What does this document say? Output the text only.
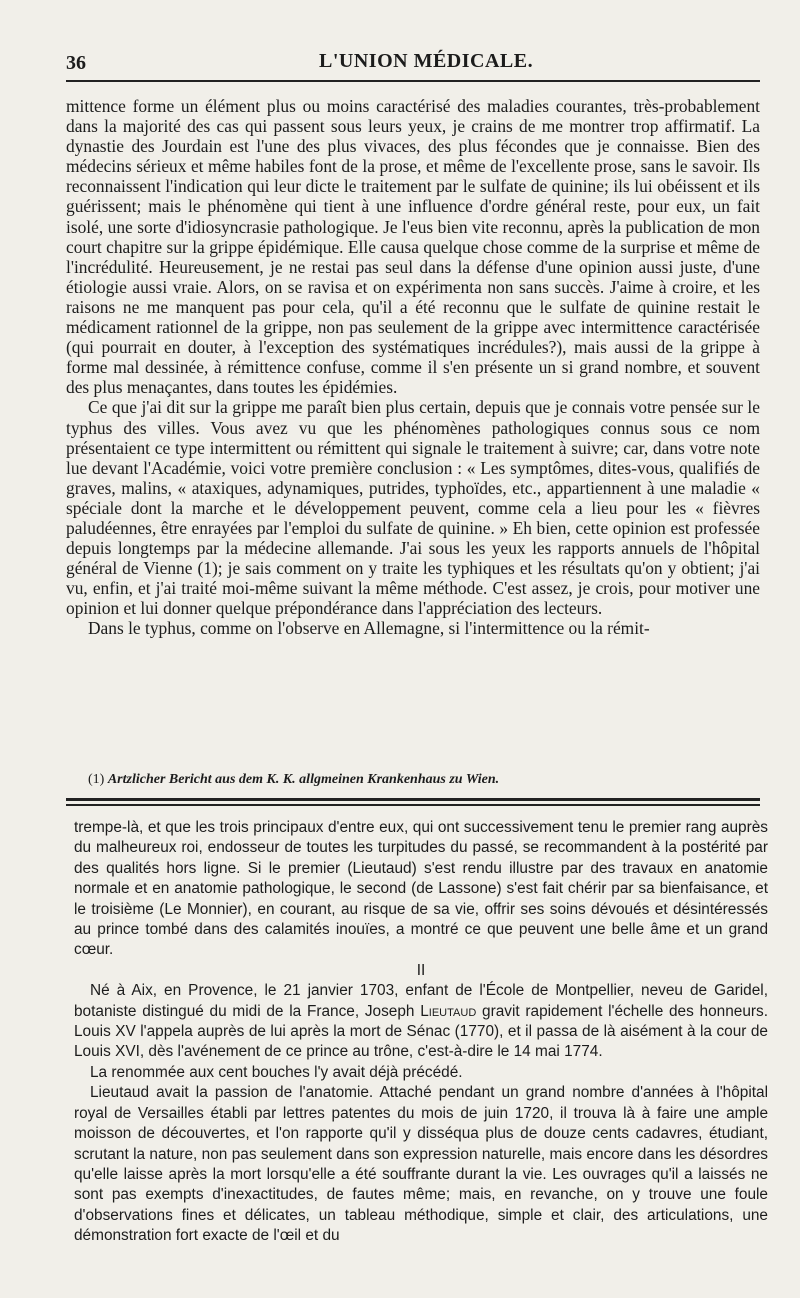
36	L'UNION MÉDICALE.

mittence forme un élément plus ou moins caractérisé des maladies courantes, très-probablement dans la majorité des cas qui passent sous leurs yeux, je crains de me montrer trop affirmatif. La dynastie des Jourdain est l'une des plus vivaces, des plus fécondes que je connaisse. Bien des médecins sérieux et même habiles font de la prose, et même de l'excellente prose, sans le savoir. Ils reconnaissent l'indication qui leur dicte le traitement par le sulfate de quinine; ils lui obéissent et ils guérissent; mais le phénomène qui tient à une influence d'ordre général reste, pour eux, un fait isolé, une sorte d'idiosyncrasie pathologique. Je l'eus bien vite reconnu, après la publication de mon court chapitre sur la grippe épidémique. Elle causa quelque chose comme de la surprise et même de l'incrédulité. Heureusement, je ne restai pas seul dans la défense d'une opinion aussi juste, d'une étiologie aussi vraie. Alors, on se ravisa et on expérimenta non sans succès. J'aime à croire, et les raisons ne me manquent pas pour cela, qu'il a été reconnu que le sulfate de quinine restait le médicament rationnel de la grippe, non pas seulement de la grippe avec intermittence caractérisée (qui pourrait en douter, à l'exception des systématiques incrédules?), mais aussi de la grippe à forme mal dessinée, à rémittence confuse, comme il s'en présente un si grand nombre, et souvent des plus menaçantes, dans toutes les épidémies.

Ce que j'ai dit sur la grippe me paraît bien plus certain, depuis que je connais votre pensée sur le typhus des villes. Vous avez vu que les phénomènes pathologiques connus sous ce nom présentaient ce type intermittent ou rémittent qui signale le traitement à suivre; car, dans votre note lue devant l'Académie, voici votre première conclusion : « Les symptômes, dites-vous, qualifiés de graves, malins, « ataxiques, adynamiques, putrides, typhoïdes, etc., appartiennent à une maladie « spéciale dont la marche et le développement peuvent, comme cela a lieu pour les « fièvres paludéennes, être enrayées par l'emploi du sulfate de quinine. » Eh bien, cette opinion est professée depuis longtemps par la médecine allemande. J'ai sous les yeux les rapports annuels de l'hôpital général de Vienne (1); je sais comment on y traite les typhiques et les résultats qu'on y obtient; j'ai vu, enfin, et j'ai traité moi-même suivant la même méthode. C'est assez, je crois, pour motiver une opinion et lui donner quelque prépondérance dans l'appréciation des lecteurs.

Dans le typhus, comme on l'observe en Allemagne, si l'intermittence ou la rémit-

(1) Artzlicher Bericht aus dem K. K. allgmeinen Krankenhaus zu Wien.

trempe-là, et que les trois principaux d'entre eux, qui ont successivement tenu le premier rang auprès du malheureux roi, endosseur de toutes les turpitudes du passé, se recommandent à la postérité par des qualités hors ligne. Si le premier (Lieutaud) s'est rendu illustre par des travaux en anatomie normale et en anatomie pathologique, le second (de Lassone) s'est fait chérir par sa bienfaisance, et le troisième (Le Monnier), en courant, au risque de sa vie, offrir ses soins dévoués et désintéressés au prince tombé dans des calamités inouïes, a montré ce que peuvent une belle âme et un grand cœur.

II

Né à Aix, en Provence, le 21 janvier 1703, enfant de l'École de Montpellier, neveu de Garidel, botaniste distingué du midi de la France, Joseph Lieutaud gravit rapidement l'échelle des honneurs. Louis XV l'appela auprès de lui après la mort de Sénac (1770), et il passa de là aisément à la cour de Louis XVI, dès l'avénement de ce prince au trône, c'est-à-dire le 14 mai 1774.

La renommée aux cent bouches l'y avait déjà précédé.

Lieutaud avait la passion de l'anatomie. Attaché pendant un grand nombre d'années à l'hôpital royal de Versailles établi par lettres patentes du mois de juin 1720, il trouva là à faire une ample moisson de découvertes, et l'on rapporte qu'il y disséqua plus de douze cents cadavres, étudiant, scrutant la nature, non pas seulement dans son expression naturelle, mais encore dans les désordres qu'elle laisse après la mort lorsqu'elle a été souffrante durant la vie. Les ouvrages qu'il a laissés ne sont pas exempts d'inexactitudes, de fautes même; mais, en revanche, on y trouve une foule d'observations fines et délicates, un tableau méthodique, simple et clair, des articulations, une démonstration fort exacte de l'œil et du
